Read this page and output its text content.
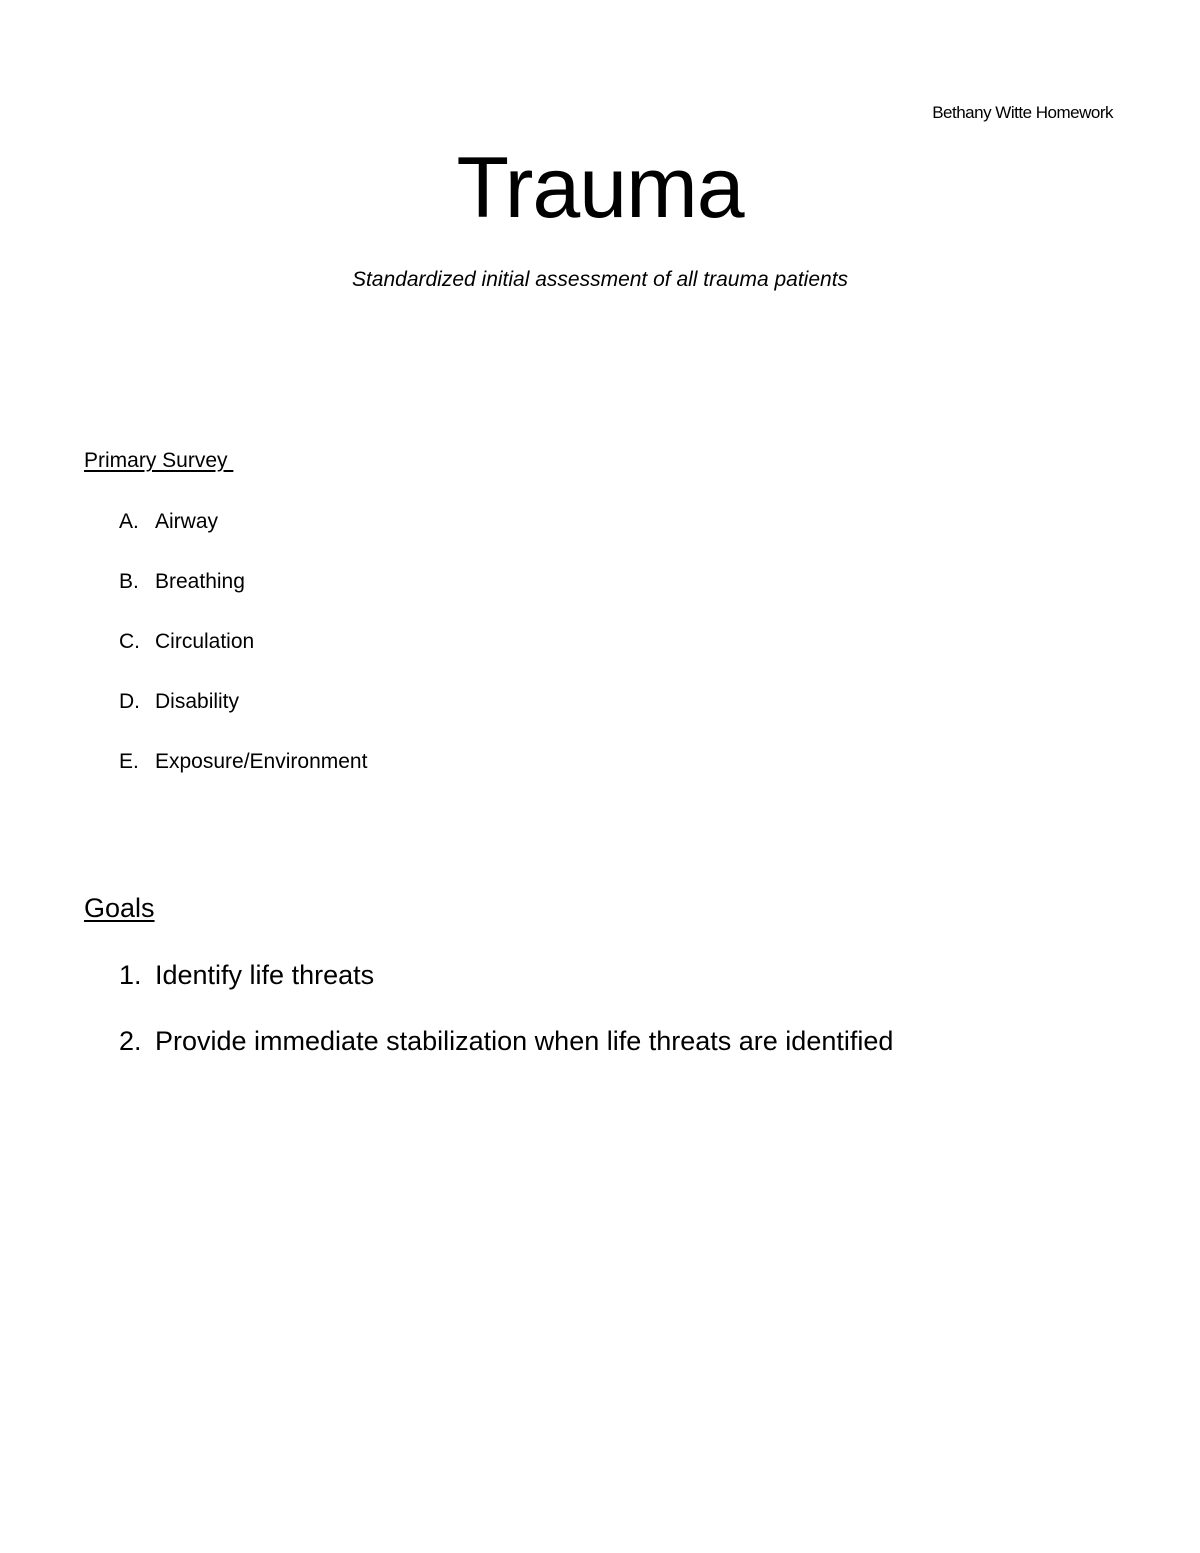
Bethany Witte Homework
Trauma
Standardized initial assessment of all trauma patients
Primary Survey
A. Airway
B. Breathing
C. Circulation
D. Disability
E. Exposure/Environment
Goals
1. Identify life threats
2. Provide immediate stabilization when life threats are identified
